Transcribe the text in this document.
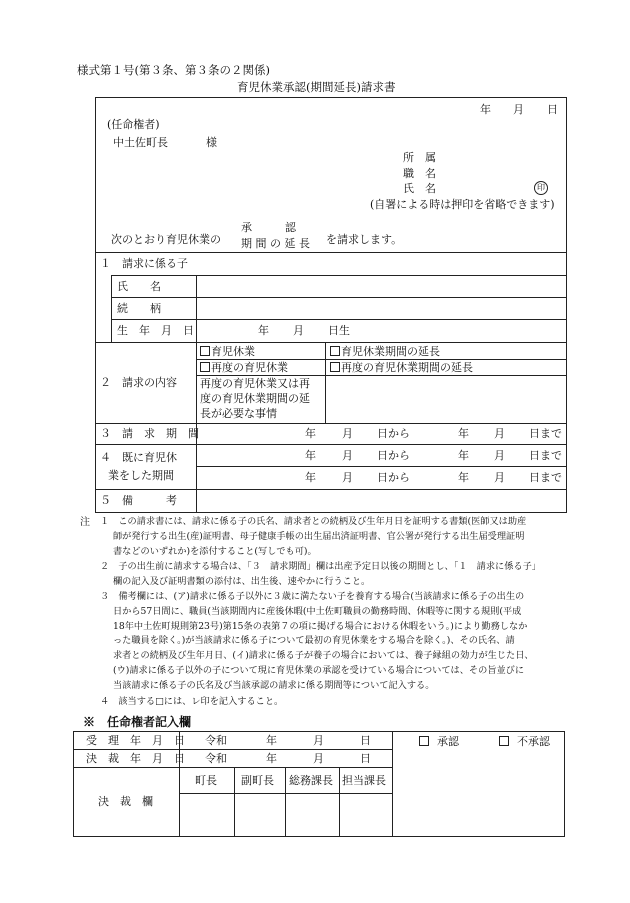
様式第１号(第３条、第３条の２関係)
育児休業承認(期間延長)請求書
年 月 日
(任命権者)
中土佐町長	様
所　属
職　名
氏　名	印
(自署による時は押印を省略できます)
次のとおり育児休業の
承　　　認
期 間 の 延 長 を請求します。
１　請求に係る子
氏　　名
続　　柄
生　年　月　日	年 月 日生
２　請求の内容
育児休業	育児休業期間の延長
再度の育児休業	再度の育児休業期間の延長
再度の育児休業又は再
度の育児休業期間の延
長が必要な事情
３　請　求　期　間	年 月 日から	年 月 日まで
４　既に育児休
業をした期間
年 月 日から	年 月 日まで
年 月 日から	年 月 日まで
５　備　　　考
注 １　この請求書には、請求に係る子の氏名、請求者との続柄及び生年月日を証明する書類(医師又は助産
師が発行する出生(産)証明書、母子健康手帳の出生届出済証明書、官公署が発行する出生届受理証明
書などのいずれか)を添付すること(写しでも可)。
２　子の出生前に請求する場合は、「３　請求期間」欄は出産予定日以後の期間とし、「１　請求に係る子」
欄の記入及び証明書類の添付は、出生後、速やかに行うこと。
３　備考欄には、(ア)請求に係る子以外に３歳に満たない子を養育する場合(当該請求に係る子の出生の
日から57日間に、職員(当該期間内に産後休暇(中土佐町職員の勤務時間、休暇等に関する規則(平成
18年中土佐町規則第23号)第15条の表第７の項に掲げる場合における休暇をいう。)により勤務しなか
った職員を除く。)が当該請求に係る子について最初の育児休業をする場合を除く。)、その氏名、請
求者との続柄及び生年月日、(イ)請求に係る子が養子の場合においては、養子縁組の効力が生じた日、
(ウ)請求に係る子以外の子について現に育児休業の承認を受けている場合については、その旨並びに
当該請求に係る子の氏名及び当該承認の請求に係る期間等について記入する。
４　該当する□には、レ印を記入すること。
※　任命権者記入欄
受　理　年　月　日 令和	年	月	日
決　裁　年　月　日 令和	年	月	日
承認	不承認
町長 副町長 総務課長 担当課長
決　裁　欄
